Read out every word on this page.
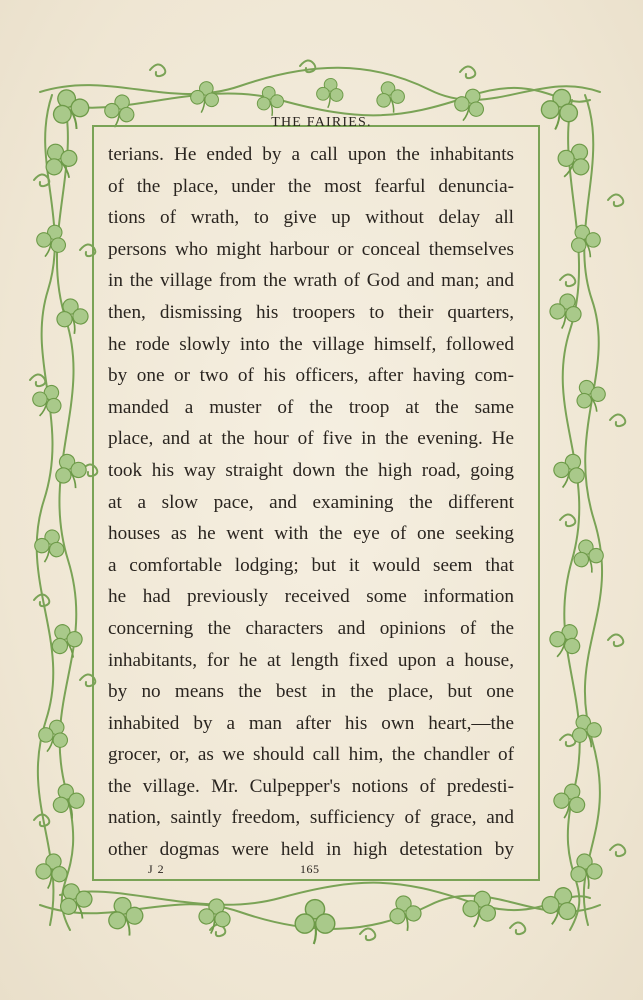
THE FAIRIES.
terians. He ended by a call upon the inhabitants
of the place, under the most fearful denuncia-
tions of wrath, to give up without delay all
persons who might harbour or conceal themselves
in the village from the wrath of God and man; and
then, dismissing his troopers to their quarters,
he rode slowly into the village himself, followed
by one or two of his officers, after having com-
manded a muster of the troop at the same
place, and at the hour of five in the evening. He
took his way straight down the high road, going
at a slow pace, and examining the different
houses as he went with the eye of one seeking
a comfortable lodging; but it would seem that
he had previously received some information
concerning the characters and opinions of the
inhabitants, for he at length fixed upon a house,
by no means the best in the place, but one
inhabited by a man after his own heart,—the
grocer, or, as we should call him, the chandler of
the village. Mr. Culpepper's notions of predesti-
nation, saintly freedom, sufficiency of grace, and
other dogmas were held in high detestation by
J 2	165
